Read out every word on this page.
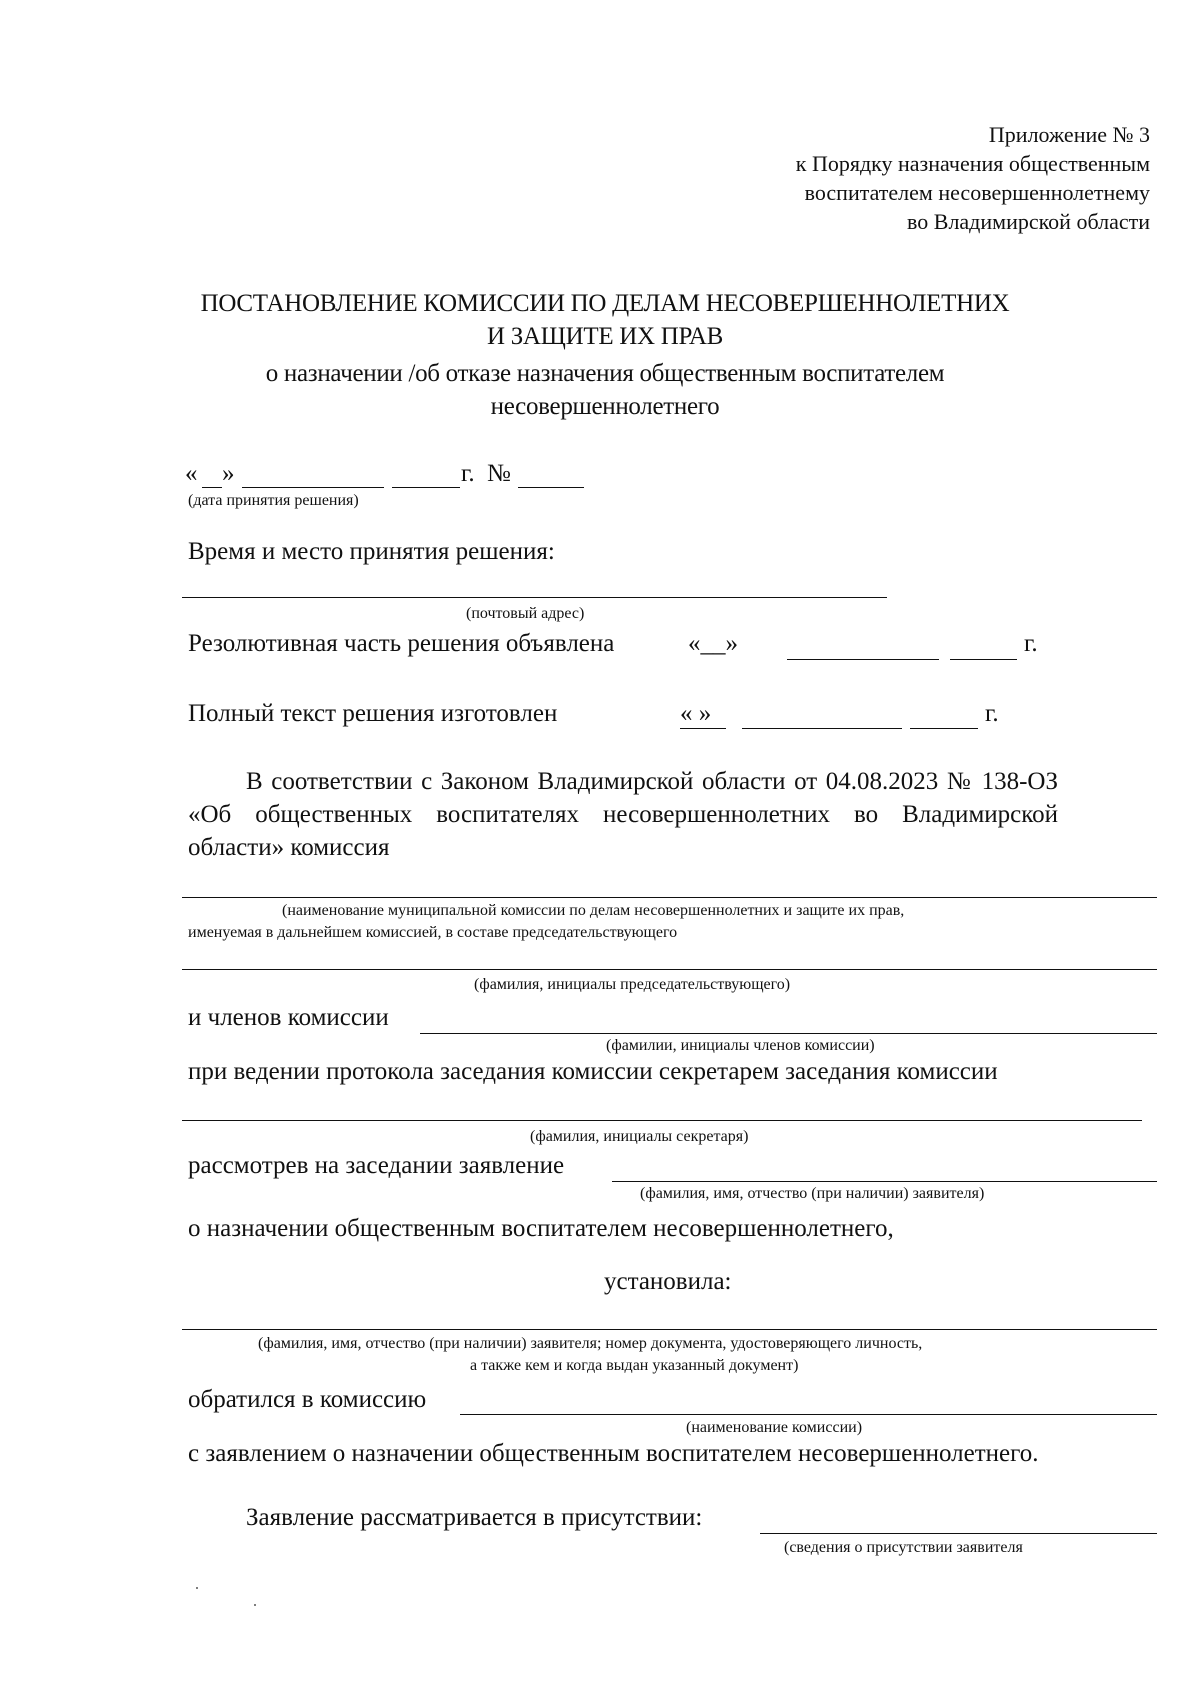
Приложение № 3
к Порядку назначения общественным
воспитателем несовершеннолетнему
во Владимирской области
ПОСТАНОВЛЕНИЕ КОМИССИИ ПО ДЕЛАМ НЕСОВЕРШЕННОЛЕТНИХ
И ЗАЩИТЕ ИХ ПРАВ
о назначении /об отказе назначения общественным воспитателем
несовершеннолетнего
« »	г. №
(дата принятия решения)
Время и место принятия решения:
(почтовый адрес)
Резолютивная часть решения объявлена	«__»	г.
Полный текст решения изготовлен	« »	г.
В соответствии с Законом Владимирской области от 04.08.2023 № 138-ОЗ
«Об общественных воспитателях несовершеннолетних во Владимирской
области» комиссия
(наименование муниципальной комиссии по делам несовершеннолетних и защите их прав,
именуемая в дальнейшем комиссией, в составе председательствующего
(фамилия, инициалы председательствующего)
и членов комиссии
(фамилии, инициалы членов комиссии)
при ведении протокола заседания комиссии секретарем заседания комиссии
(фамилия, инициалы секретаря)
рассмотрев на заседании заявление
(фамилия, имя, отчество (при наличии) заявителя)
о назначении общественным воспитателем несовершеннолетнего,
установила:
(фамилия, имя, отчество (при наличии) заявителя; номер документа, удостоверяющего личность,
а также кем и когда выдан указанный документ)
обратился в комиссию
(наименование комиссии)
с заявлением о назначении общественным воспитателем несовершеннолетнего.
Заявление рассматривается в присутствии:
(сведения о присутствии заявителя
